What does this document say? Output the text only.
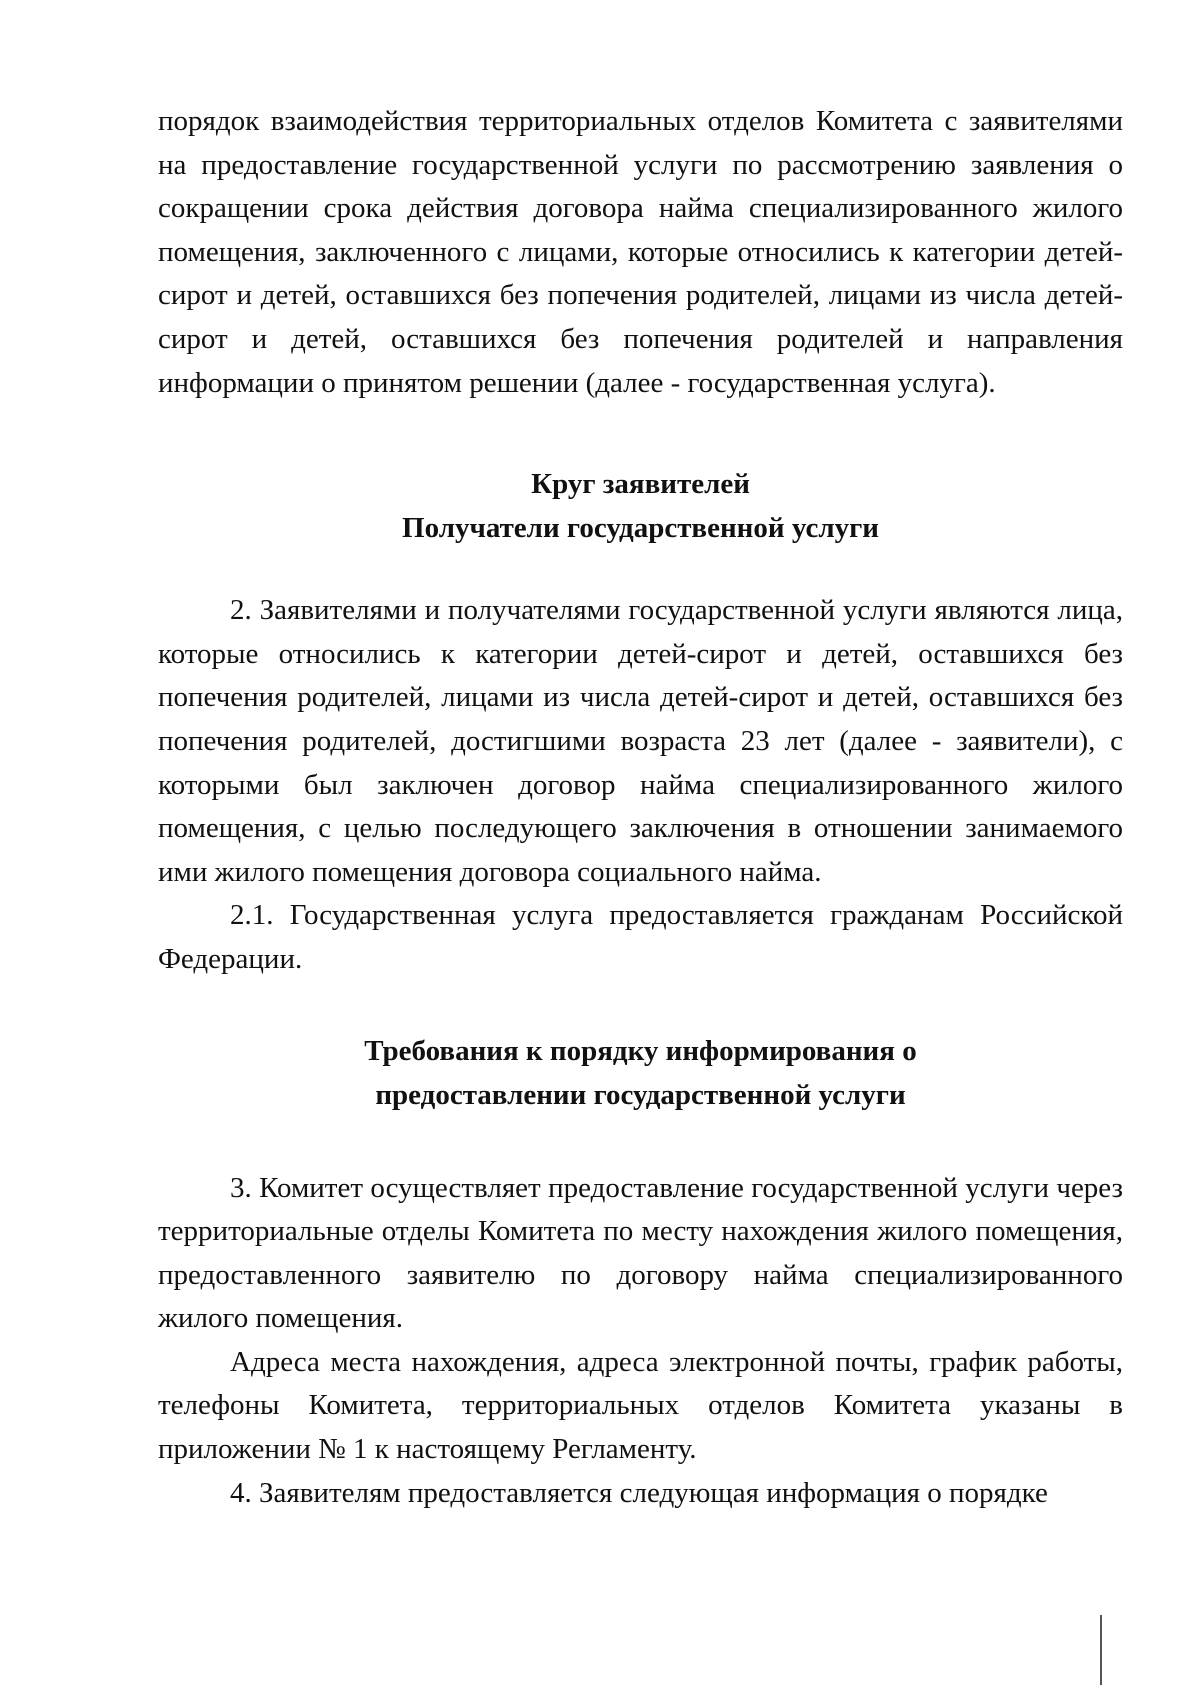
порядок взаимодействия территориальных отделов Комитета с заявителями на предоставление государственной услуги по рассмотрению заявления о сокращении срока действия договора найма специализированного жилого помещения, заключенного с лицами, которые относились к категории детей-сирот и детей, оставшихся без попечения родителей, лицами из числа детей-сирот и детей, оставшихся без попечения родителей и направления информации о принятом решении (далее - государственная услуга).

Круг заявителей

Получатели государственной услуги

2. Заявителями и получателями государственной услуги являются лица, которые относились к категории детей-сирот и детей, оставшихся без попечения родителей, лицами из числа детей-сирот и детей, оставшихся без попечения родителей, достигшими возраста 23 лет (далее - заявители), с которыми был заключен договор найма специализированного жилого помещения, с целью последующего заключения в отношении занимаемого ими жилого помещения договора социального найма.

2.1. Государственная услуга предоставляется гражданам Российской Федерации.

Требования к порядку информирования о

предоставлении государственной услуги

3. Комитет осуществляет предоставление государственной услуги через территориальные отделы Комитета по месту нахождения жилого помещения, предоставленного заявителю по договору найма специализированного жилого помещения.

Адреса места нахождения, адреса электронной почты, график работы, телефоны Комитета, территориальных отделов Комитета указаны в приложении № 1 к настоящему Регламенту.

4. Заявителям предоставляется следующая информация о порядке
